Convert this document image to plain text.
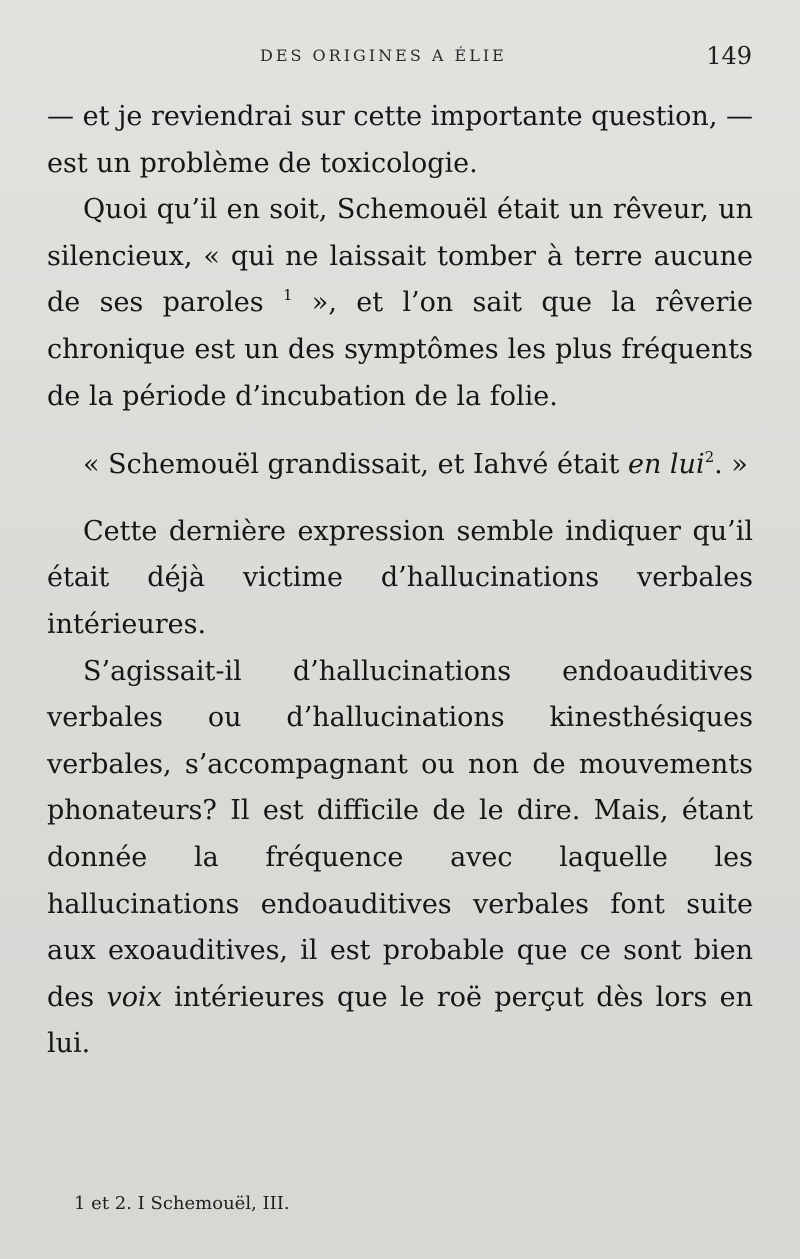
DES ORIGINES A ÉLIE	149

— et je reviendrai sur cette importante question, — est un problème de toxicologie.

Quoi qu’il en soit, Schemouël était un rêveur, un silencieux, « qui ne laissait tomber à terre aucune de ses paroles $^1$ », et l’on sait que la rêverie chronique est un des symptômes les plus fréquents de la période d’incubation de la folie.

« Schemouël grandissait, et Iahvé était en lui$^2$. »

Cette dernière expression semble indiquer qu’il était déjà victime d’hallucinations verbales intérieures.

S’agissait-il d’hallucinations endoauditives verbales ou d’hallucinations kinesthésiques verbales, s’accompagnant ou non de mouvements phonateurs? Il est difficile de le dire. Mais, étant donnée la fréquence avec laquelle les hallucinations endoauditives verbales font suite aux exoauditives, il est probable que ce sont bien des voix intérieures que le roë perçut dès lors en lui.

1 et 2. I Schemouël, III.
